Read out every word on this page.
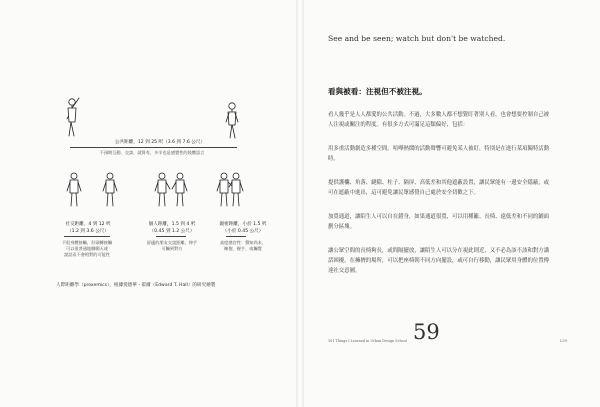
公共距離，12 到 25 呎（3.6 到 7.6 公尺）
不預期互動、交談、就算有，多半也是感覺性的肢體語言
社交距離，4 到 12 呎
（1.2 到 3.6 公尺）
不很身體接觸，但頭轉接觸
可以很普通地聊聊天或
說話而不會相對的可能性
個人距離，1.5 到 4 呎
（0.45 到 1.2 公尺）
舒適的朋友交談距離，伸手
可觸到對方
親密距離，小於 1.5 呎
（小於 0.45 公尺）
高度感官性：聲知尚未、
擁抱、握手、或觸覺
人際距離學（proxemics），根據愛德華・霍爾（Edward T. Hall）的研究繪製
See and be seen; watch but don't be watched.
看與被看：注視但不被注視。
看人幾乎是人人都愛的公共活動。不過，大多數人都不想覺盯著別人看，也會想要控制自己被人注視或關注的程度。有很多方式可滿足這類偏好，包括：
用多重活動創造多種空間。喧嘩熱鬧的活動聲響可避免某人被盯，特別是在進行某項獨特活動時。
提供護欄、角落、縫隙、柱子、隔屏、高低差和其他遮蔽設置，讓民眾能有一邊安全隱蔽，或可在遮蔽中進出，這可避免讓民眾感覺自己處於安全切歡之下。
加寬通道，讓陌生人可以自在錯身，如果通道很寬，可以用種籬、長椅、遠低差和不同的鋪面劃分區塊。
讓公眾空間的長椅夠長，或間隔擺放，讓陌生人可以分在視此則近，又不必為該不該和對方講話困擾，在擁擠的場所，可以把座椅朝不同方向擺設，或可自行移動，讓民眾用身體的位置傳達社交意圖。
101 Things I Learned in Urban Design School 59	L59
